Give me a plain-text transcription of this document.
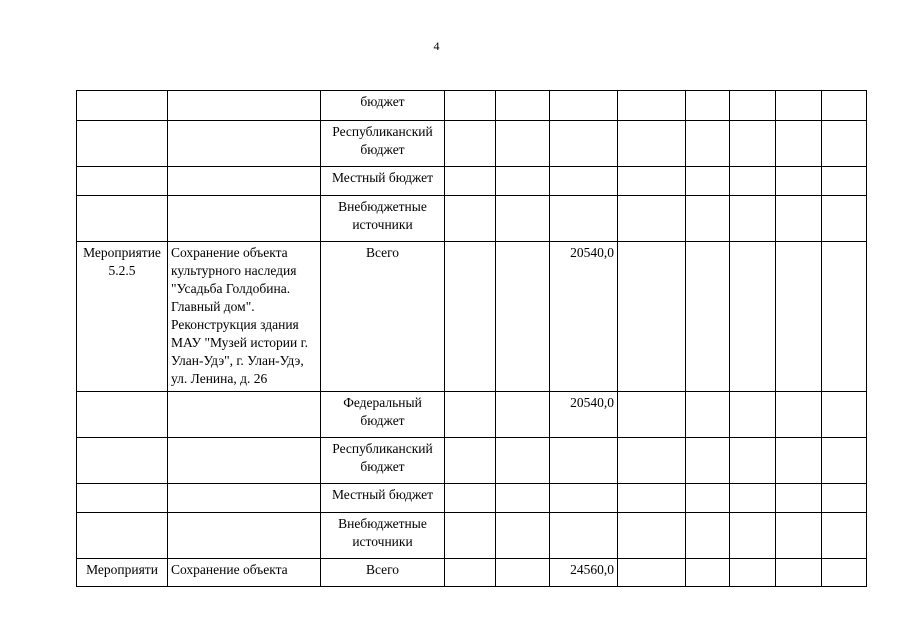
4
		бюджет								
		Республиканский бюджет								
		Местный бюджет								
		Внебюджетные источники								
Мероприятие 5.2.5	Сохранение объекта культурного наследия "Усадьба Голдобина. Главный дом". Реконструкция здания МАУ "Музей истории г. Улан-Удэ", г. Улан-Удэ, ул. Ленина, д. 26	Всего			20540,0					
		Федеральный бюджет			20540,0					
		Республиканский бюджет								
		Местный бюджет								
		Внебюджетные источники								
Мероприяти	Сохранение объекта	Всего			24560,0					
